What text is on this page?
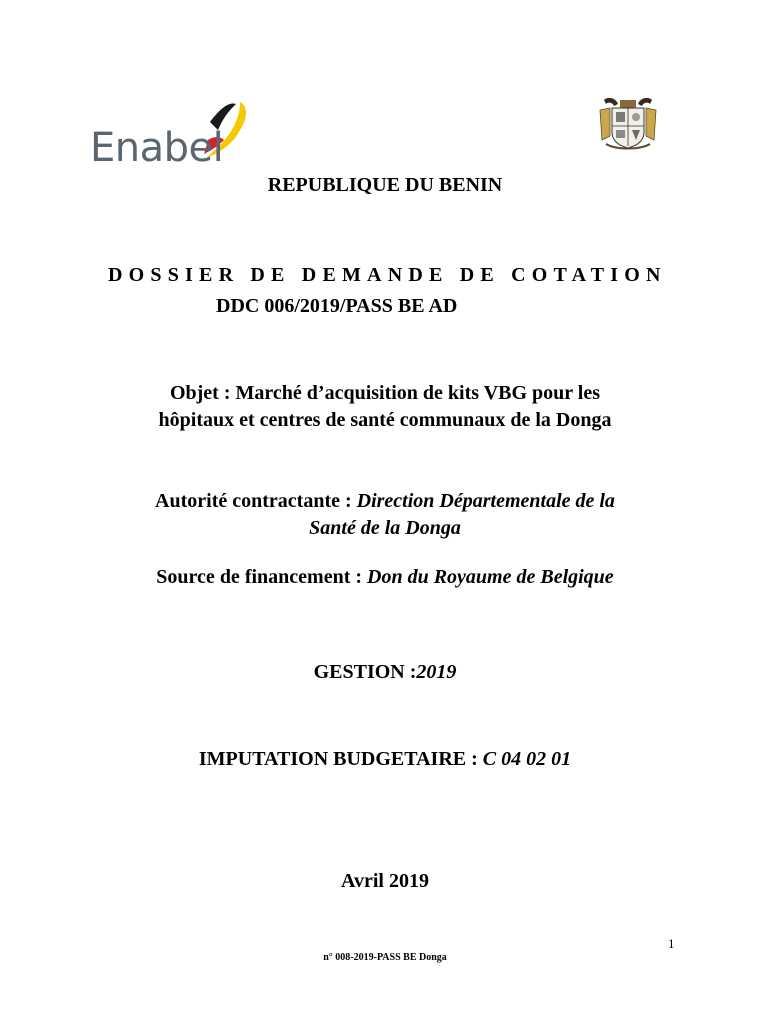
Enabel
REPUBLIQUE DU BENIN
DOSSIER DE DEMANDE DE COTATION
DDC 006/2019/PASS BE AD
Objet : Marché d’acquisition de kits VBG pour les
hôpitaux et centres de santé communaux de la Donga
Autorité contractante : Direction Départementale de la
Santé de la Donga
Source de financement : Don du Royaume de Belgique
GESTION :2019
IMPUTATION BUDGETAIRE : C 04 02 01
Avril 2019
1
n° 008-2019-PASS BE Donga
